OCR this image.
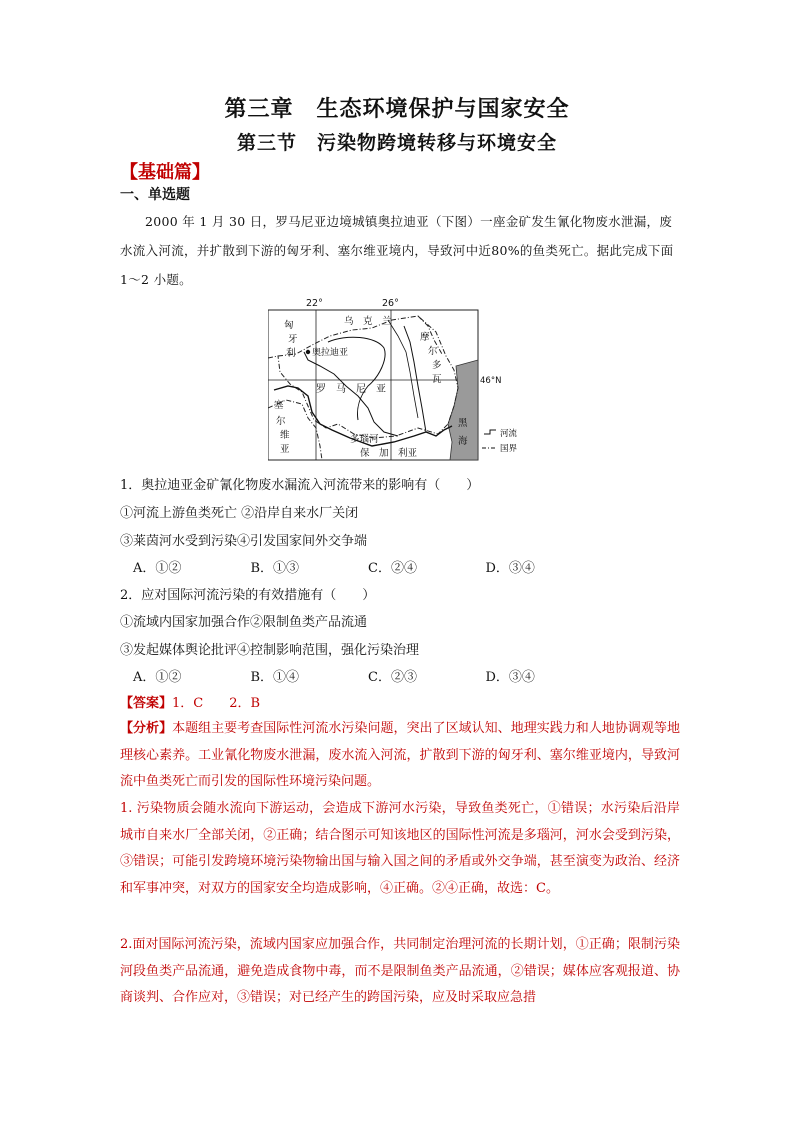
第三章　生态环境保护与国家安全
第三节　污染物跨境转移与环境安全
【基础篇】
一、单选题
2000 年 1 月 30 日，罗马尼亚边境城镇奥拉迪亚（下图）一座金矿发生氰化物废水泄漏，废水流入河流，并扩散到下游的匈牙利、塞尔维亚境内，导致河中近80%的鱼类死亡。据此完成下面 1～2 小题。
22°	26°
46°N
匈
牙
利 奥拉迪亚
乌　克　兰
摩
尔
多
瓦
罗　马　尼　亚
塞
尔
维
亚
多瑙河
保　加　利亚
黑
海
河流
国界
1．奥拉迪亚金矿氰化物废水漏流入河流带来的影响有（　　）
①河流上游鱼类死亡 ②沿岸自来水厂关闭
③莱茵河水受到污染④引发国家间外交争端
A．①②	B．①③	C．②④	D．③④
2．应对国际河流污染的有效措施有（　　）
①流域内国家加强合作②限制鱼类产品流通
③发起媒体舆论批评④控制影响范围，强化污染治理
A．①②	B．①④	C．②③	D．③④
【答案】1．C　　2．B
【分析】本题组主要考查国际性河流水污染问题，突出了区域认知、地理实践力和人地协调观等地理核心素养。工业氰化物废水泄漏，废水流入河流，扩散到下游的匈牙利、塞尔维亚境内，导致河流中鱼类死亡而引发的国际性环境污染问题。
1. 污染物质会随水流向下游运动，会造成下游河水污染，导致鱼类死亡，①错误；水污染后沿岸城市自来水厂全部关闭，②正确；结合图示可知该地区的国际性河流是多瑙河，河水会受到污染，③错误；可能引发跨境环境污染物输出国与输入国之间的矛盾或外交争端，甚至演变为政治、经济和军事冲突，对双方的国家安全均造成影响，④正确。②④正确，故选：C。
2.面对国际河流污染，流域内国家应加强合作，共同制定治理河流的长期计划，①正确；限制污染河段鱼类产品流通，避免造成食物中毒，而不是限制鱼类产品流通，②错误；媒体应客观报道、协商谈判、合作应对，③错误；对已经产生的跨国污染，应及时采取应急措
